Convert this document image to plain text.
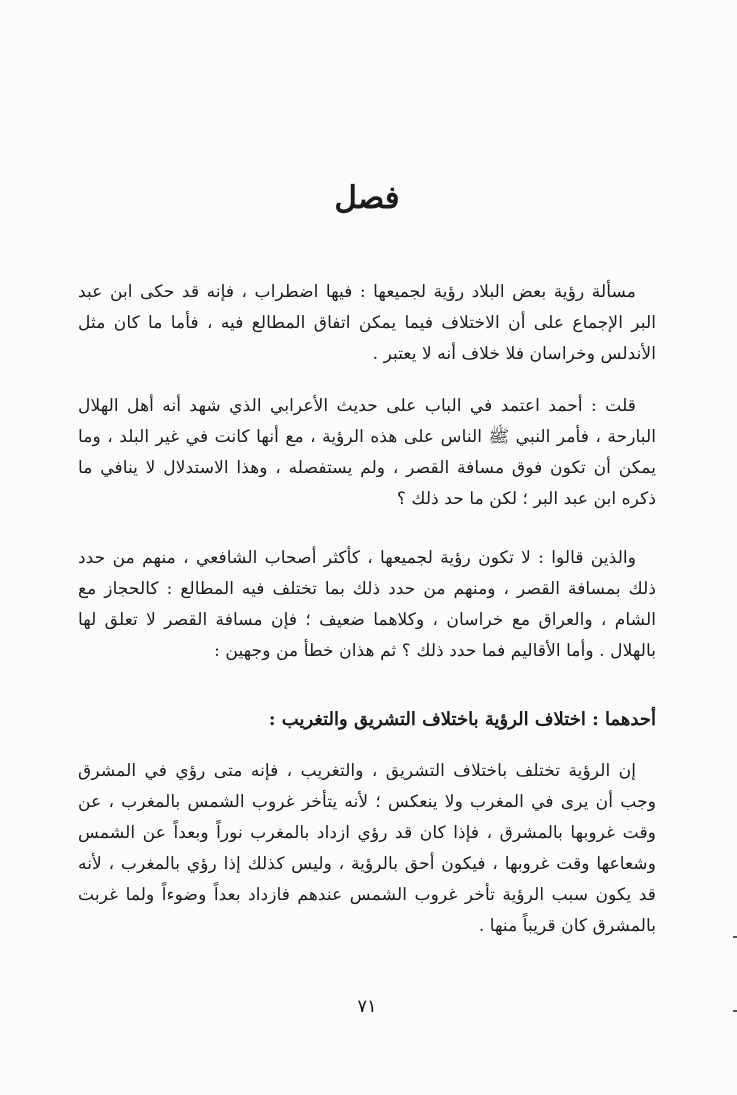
فصل

مسألة رؤية بعض البلاد رؤية لجميعها : فيها اضطراب ، فإنه قد حكى ابن عبد البر الإجماع على أن الاختلاف فيما يمكن اتفاق المطالع فيه ، فأما ما كان مثل الأندلس وخراسان فلا خلاف أنه لا يعتبر .

قلت : أحمد اعتمد في الباب على حديث الأعرابي الذي شهد أنه أهل الهلال البارحة ، فأمر النبي ﷺ الناس على هذه الرؤية ، مع أنها كانت في غير البلد ، وما يمكن أن تكون فوق مسافة القصر ، ولم يستفصله ، وهذا الاستدلال لا ينافي ما ذكره ابن عبد البر ؛ لكن ما حد ذلك ؟

والذين قالوا : لا تكون رؤية لجميعها ، كأكثر أصحاب الشافعي ، منهم من حدد ذلك بمسافة القصر ، ومنهم من حدد ذلك بما تختلف فيه المطالع : كالحجاز مع الشام ، والعراق مع خراسان ، وكلاهما ضعيف ؛ فإن مسافة القصر لا تعلق لها بالهلال . وأما الأقاليم فما حدد ذلك ؟ ثم هذان خطأ من وجهين :

أحدهما : اختلاف الرؤية باختلاف التشريق والتغريب :

إن الرؤية تختلف باختلاف التشريق ، والتغريب ، فإنه متى رؤي في المشرق وجب أن يرى في المغرب ولا ينعكس ؛ لأنه يتأخر غروب الشمس بالمغرب ، عن وقت غروبها بالمشرق ، فإذا كان قد رؤي ازداد بالمغرب نوراً وبعداً عن الشمس وشعاعها وقت غروبها ، فيكون أحق بالرؤية ، وليس كذلك إذا رؤي بالمغرب ، لأنه قد يكون سبب الرؤية تأخر غروب الشمس عندهم فازداد بعداً وضوءاً ولما غربت بالمشرق كان قريباً منها .

٧١
